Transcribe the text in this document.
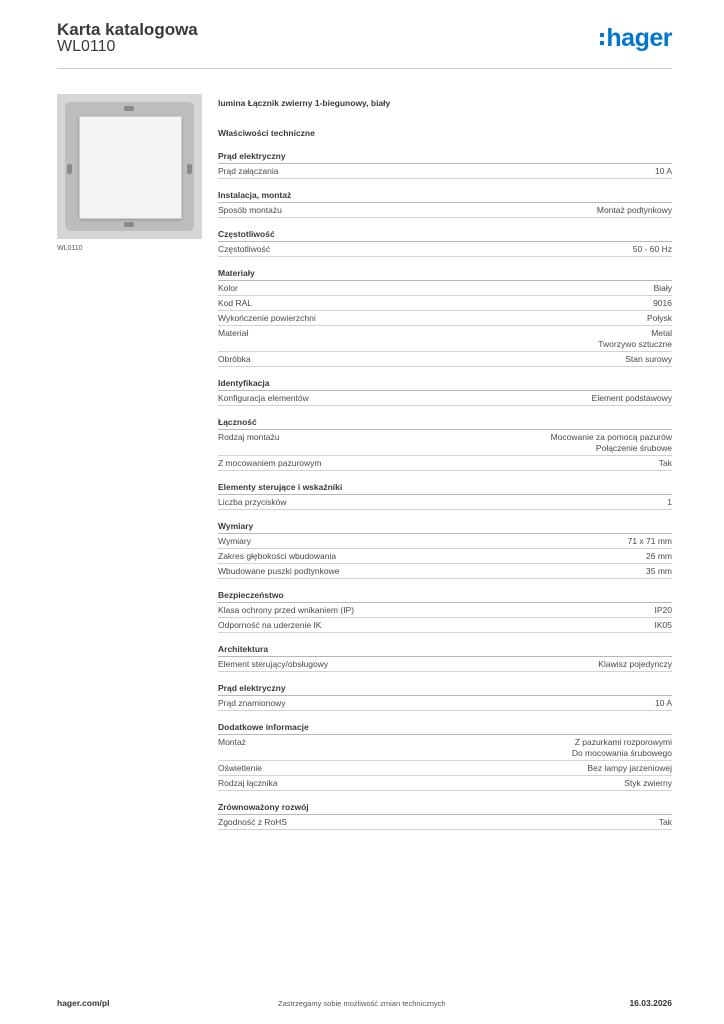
Karta katalogowa
WL0110	hager
WL0110
lumina Łącznik zwierny 1-biegunowy, biały
Właściwości techniczne
Prąd elektryczny
Prąd załączania	10 A
Instalacja, montaż
Sposób montażu	Montaż podtynkowy
Częstotliwość
Częstotliwość	50 - 60 Hz
Materiały
Kolor	Biały
Kod RAL	9016
Wykończenie powierzchni	Połysk
Materiał	Metal
Tworzywo sztuczne
Obróbka	Stan surowy
Identyfikacja
Konfiguracja elementów	Element podstawowy
Łączność
Rodzaj montażu	Mocowanie za pomocą pazurów
Połączenie śrubowe
Z mocowaniem pazurowym	Tak
Elementy sterujące i wskaźniki
Liczba przycisków	1
Wymiary
Wymiary	71 x 71 mm
Zakres głębokości wbudowania	26 mm
Wbudowane puszki podtynkowe	35 mm
Bezpieczeństwo
Klasa ochrony przed wnikaniem (IP)	IP20
Odporność na uderzenie IK	IK05
Architektura
Element sterujący/obsługowy	Klawisz pojedynczy
Prąd elektryczny
Prąd znamionowy	10 A
Dodatkowe informacje
Montaż	Z pazurkami rozporowymi
Do mocowania śrubowego
Oświetlenie	Bez lampy jarzeniowej
Rodzaj łącznika	Styk zwierny
Zrównoważony rozwój
Zgodność z RoHS	Tak
hager.com/pl	Zastrzegamy sobie możliwość zmian technicznych	16.03.2026
